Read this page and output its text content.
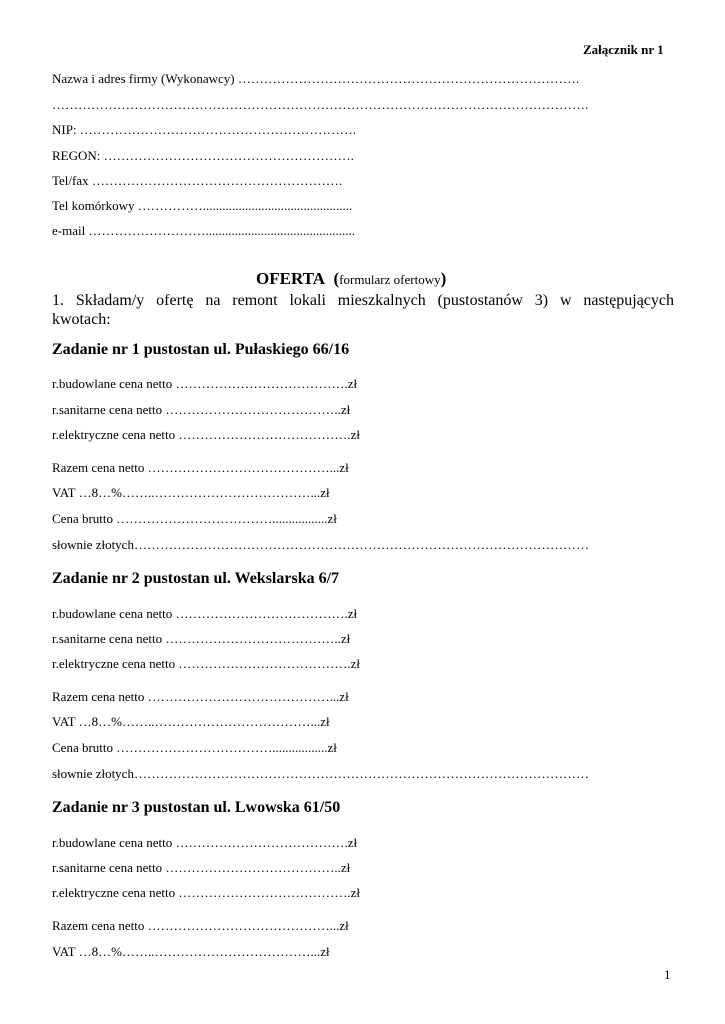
Załącznik nr 1
Nazwa i adres firmy (Wykonawcy) …………………………………………………………………….
…………………………………………………………………………………………………………….
NIP: ……………………………………………………….
REGON: ………………………………………………….
Tel/fax ………………………………………………….
Tel komórkowy ……………..............................................
e-mail ………………………..............................................
OFERTA (formularz ofertowy)
1. Składam/y ofertę na remont lokali mieszkalnych (pustostanów 3) w następujących
kwotach:
Zadanie nr 1 pustostan ul. Pułaskiego 66/16
r.budowlane cena netto ………………………………….zł
r.sanitarne cena netto …………………………………..zł
r.elektryczne cena netto ………………………………….zł
Razem cena netto ……………………………………...zł
VAT …8…%……..………………………………...zł
Cena brutto ……………………………….................zł
słownie złotych……………………………………………………………………………………………
Zadanie nr 2 pustostan ul. Wekslarska 6/7
r.budowlane cena netto ………………………………….zł
r.sanitarne cena netto …………………………………..zł
r.elektryczne cena netto ………………………………….zł
Razem cena netto ……………………………………...zł
VAT …8…%……..………………………………...zł
Cena brutto ……………………………….................zł
słownie złotych……………………………………………………………………………………………
Zadanie nr 3 pustostan ul. Lwowska 61/50
r.budowlane cena netto ………………………………….zł
r.sanitarne cena netto …………………………………..zł
r.elektryczne cena netto ………………………………….zł
Razem cena netto ……………………………………...zł
VAT …8…%……..………………………………...zł
1
